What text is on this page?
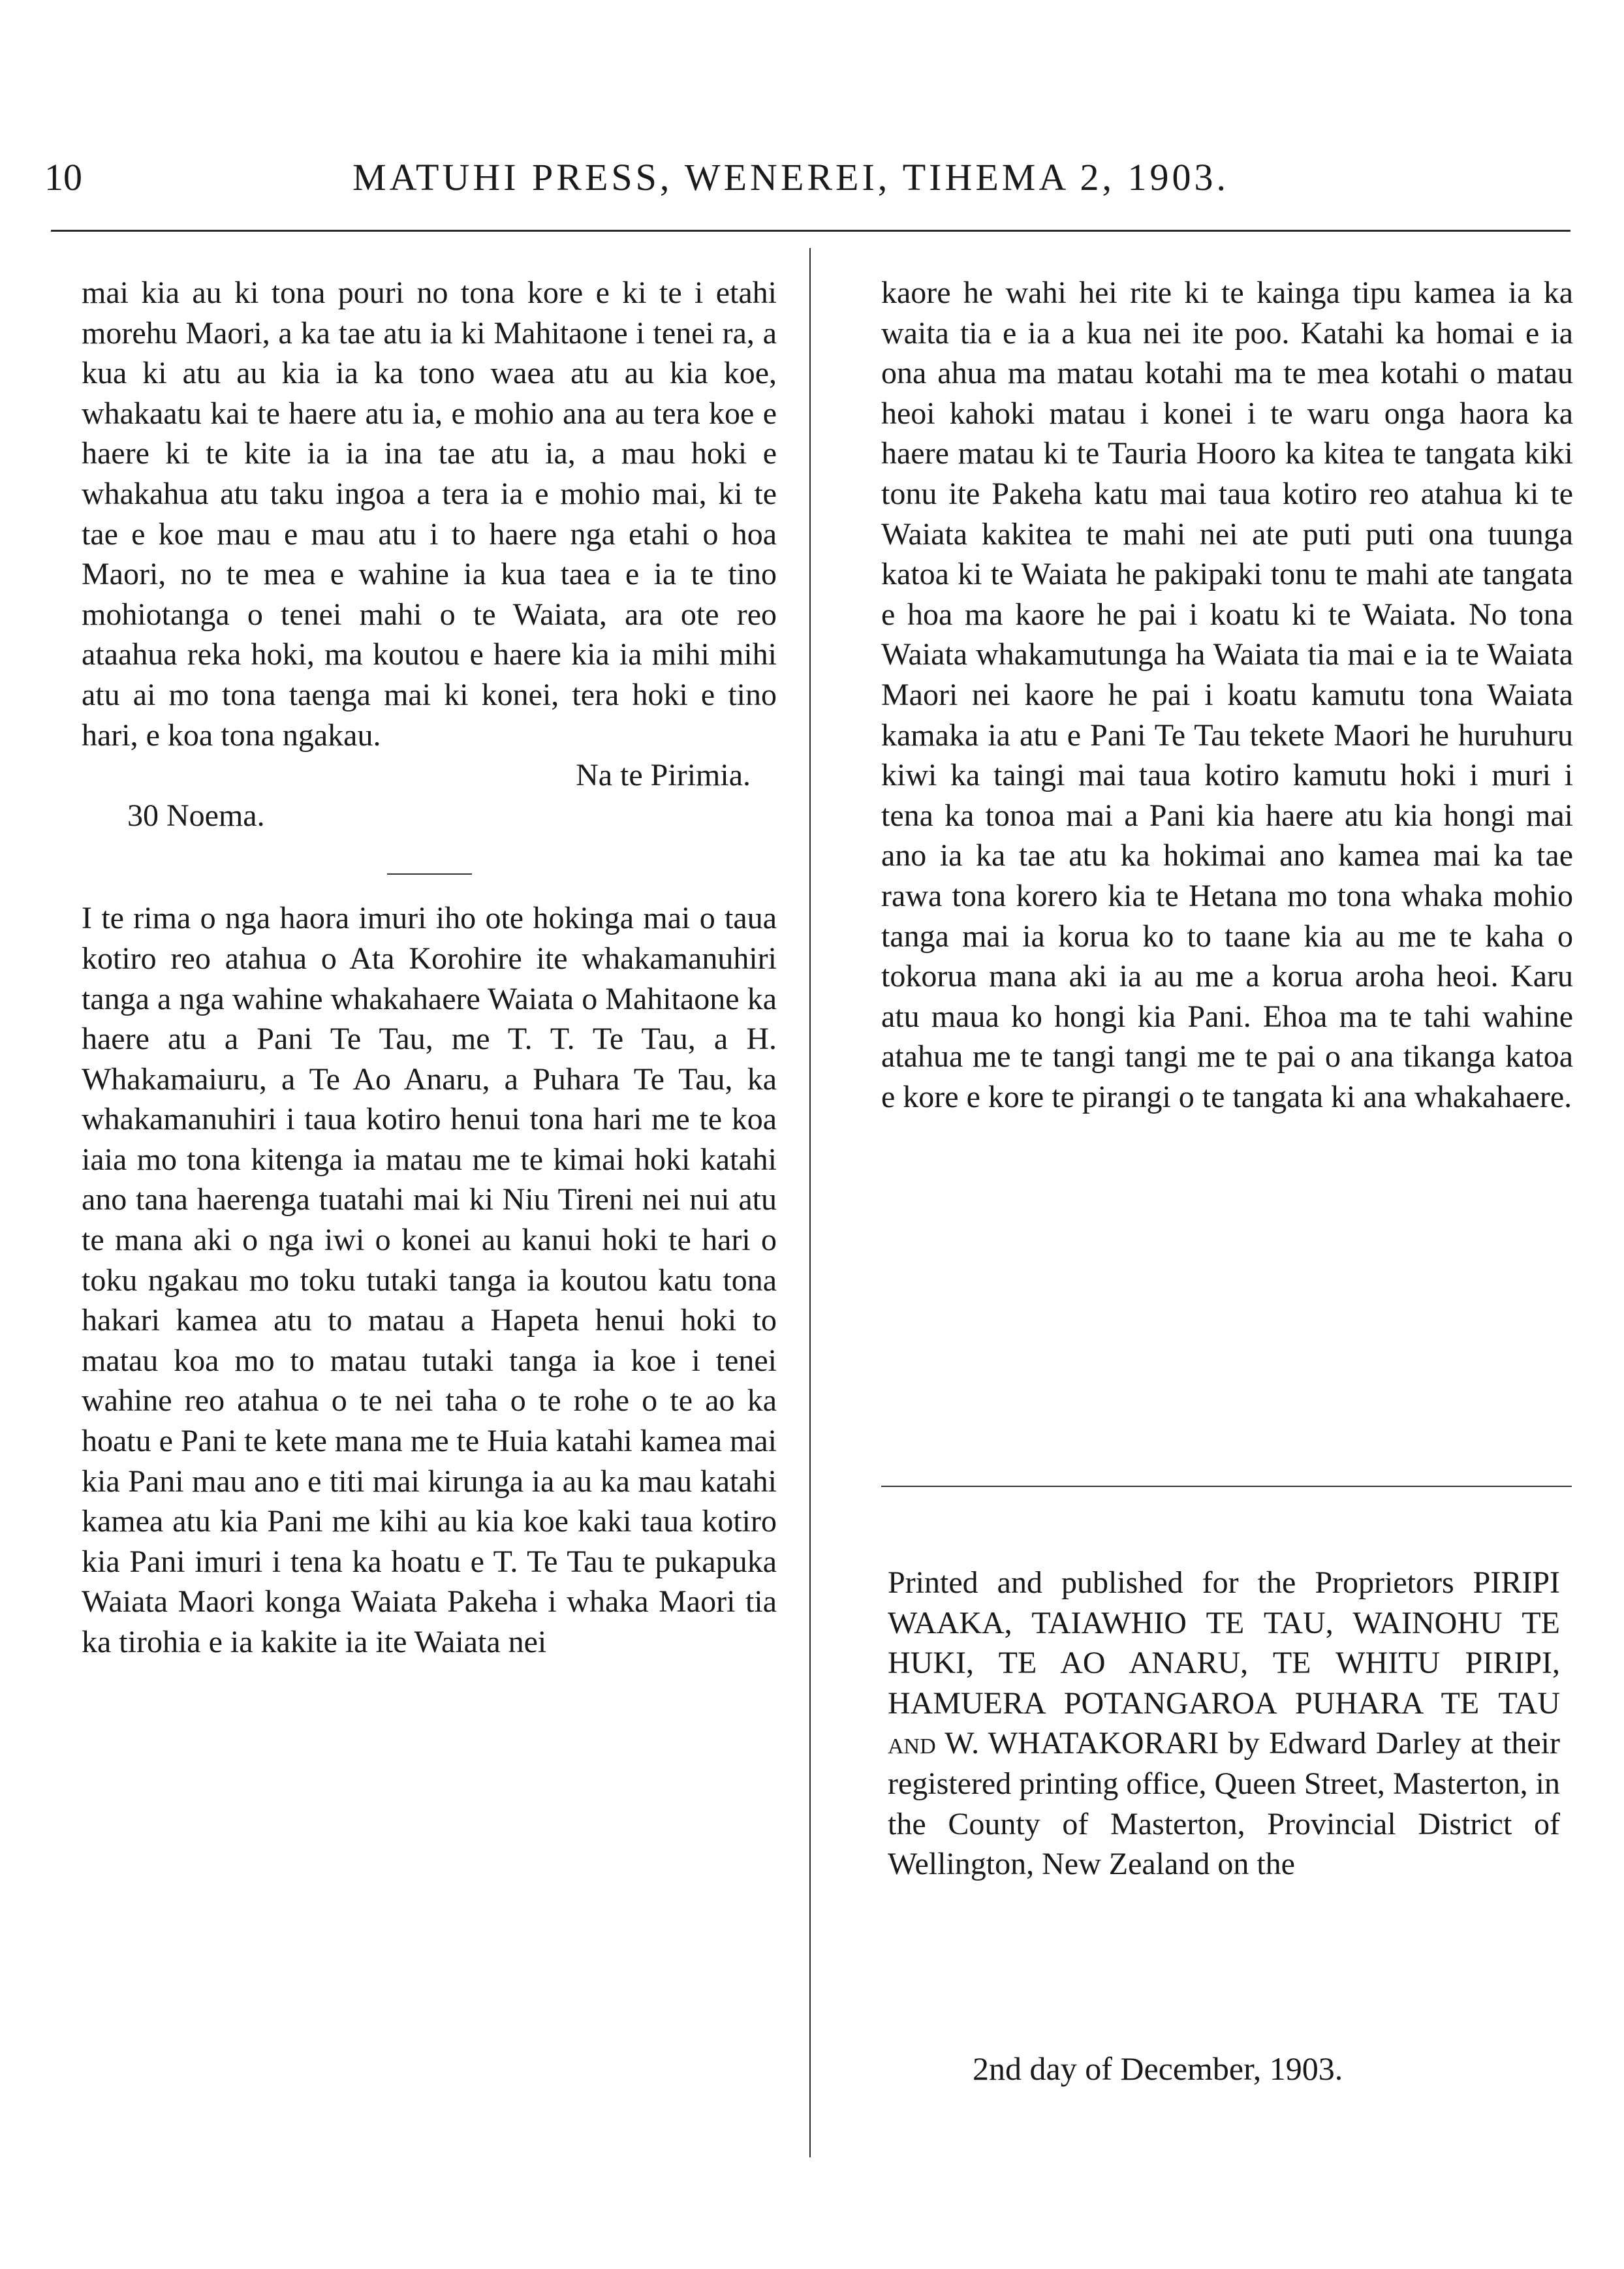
10	MATUHI PRESS, WENEREI, TIHEMA 2, 1903.

mai kia au ki tona pouri no tona kore e ki te i etahi morehu Maori, a ka tae atu ia ki Mahitaone i tenei ra, a kua ki atu au kia ia ka tono waea atu au kia koe, whakaatu kai te haere atu ia, e mohio ana au tera koe e haere ki te kite ia ia ina tae atu ia, a mau hoki e whakahua atu taku ingoa a tera ia e mohio mai, ki te tae e koe mau e mau atu i to haere nga etahi o hoa Maori, no te mea e wahine ia kua taea e ia te tino mohiotanga o tenei mahi o te Waiata, ara ote reo ataahua reka hoki, ma koutou e haere kia ia mihi mihi atu ai mo tona taenga mai ki konei, tera hoki e tino hari, e koa tona ngakau.

Na te Pirimia.
30 Noema.

I te rima o nga haora imuri iho ote hokinga mai o taua kotiro reo atahua o Ata Korohire ite whakamanuhiri tanga a nga wahine whakahaere Waiata o Mahitaone ka haere atu a Pani Te Tau, me T. T. Te Tau, a H. Whakamaiuru, a Te Ao Anaru, a Puhara Te Tau, ka whakamanuhiri i taua kotiro henui tona hari me te koa iaia mo tona kitenga ia matau me te kimai hoki katahi ano tana haerenga tuatahi mai ki Niu Tireni nei nui atu te mana aki o nga iwi o konei au kanui hoki te hari o toku ngakau mo toku tutaki tanga ia koutou katu tona hakari kamea atu to matau a Hapeta henui hoki to matau koa mo to matau tutaki tanga ia koe i tenei wahine reo atahua o te nei taha o te rohe o te ao ka hoatu e Pani te kete mana me te Huia katahi kamea mai kia Pani mau ano e titi mai kirunga ia au ka mau katahi kamea atu kia Pani me kihi au kia koe kaki taua kotiro kia Pani imuri i tena ka hoatu e T. Te Tau te pukapuka Waiata Maori konga Waiata Pakeha i whaka Maori tia ka tirohia e ia kakite ia ite Waiata nei

kaore he wahi hei rite ki te kainga tipu kamea ia ka waita tia e ia a kua nei ite poo. Katahi ka homai e ia ona ahua ma matau kotahi ma te mea kotahi o matau heoi kahoki matau i konei i te waru onga haora ka haere matau ki te Tauria Hooro ka kitea te tangata kiki tonu ite Pakeha katu mai taua kotiro reo atahua ki te Waiata kakitea te mahi nei ate puti puti ona tuunga katoa ki te Waiata he pakipaki tonu te mahi ate tangata e hoa ma kaore he pai i koatu ki te Waiata. No tona Waiata whakamutunga ha Waiata tia mai e ia te Waiata Maori nei kaore he pai i koatu kamutu tona Waiata kamaka ia atu e Pani Te Tau tekete Maori he huruhuru kiwi ka taingi mai taua kotiro kamutu hoki i muri i tena ka tonoa mai a Pani kia haere atu kia hongi mai ano ia ka tae atu ka hokimai ano kamea mai ka tae rawa tona korero kia te Hetana mo tona whaka mohio tanga mai ia korua ko to taane kia au me te kaha o tokorua mana aki ia au me a korua aroha heoi. Karu atu maua ko hongi kia Pani. Ehoa ma te tahi wahine atahua me te tangi tangi me te pai o ana tikanga katoa e kore e kore te pirangi o te tangata ki ana whakahaere.

Printed and published for the Proprietors PIRIPI WAAKA, TAIAWHIO TE TAU, WAINOHU TE HUKI, TE AO ANARU, TE WHITU PIRIPI, HAMUERA POTANGAROA PUHARA TE TAU and W. WHATAKORARI by Edward Darley at their registered printing office, Queen Street, Masterton, in the County of Masterton, Provincial District of Wellington, New Zealand on the
2nd day of December, 1903.
